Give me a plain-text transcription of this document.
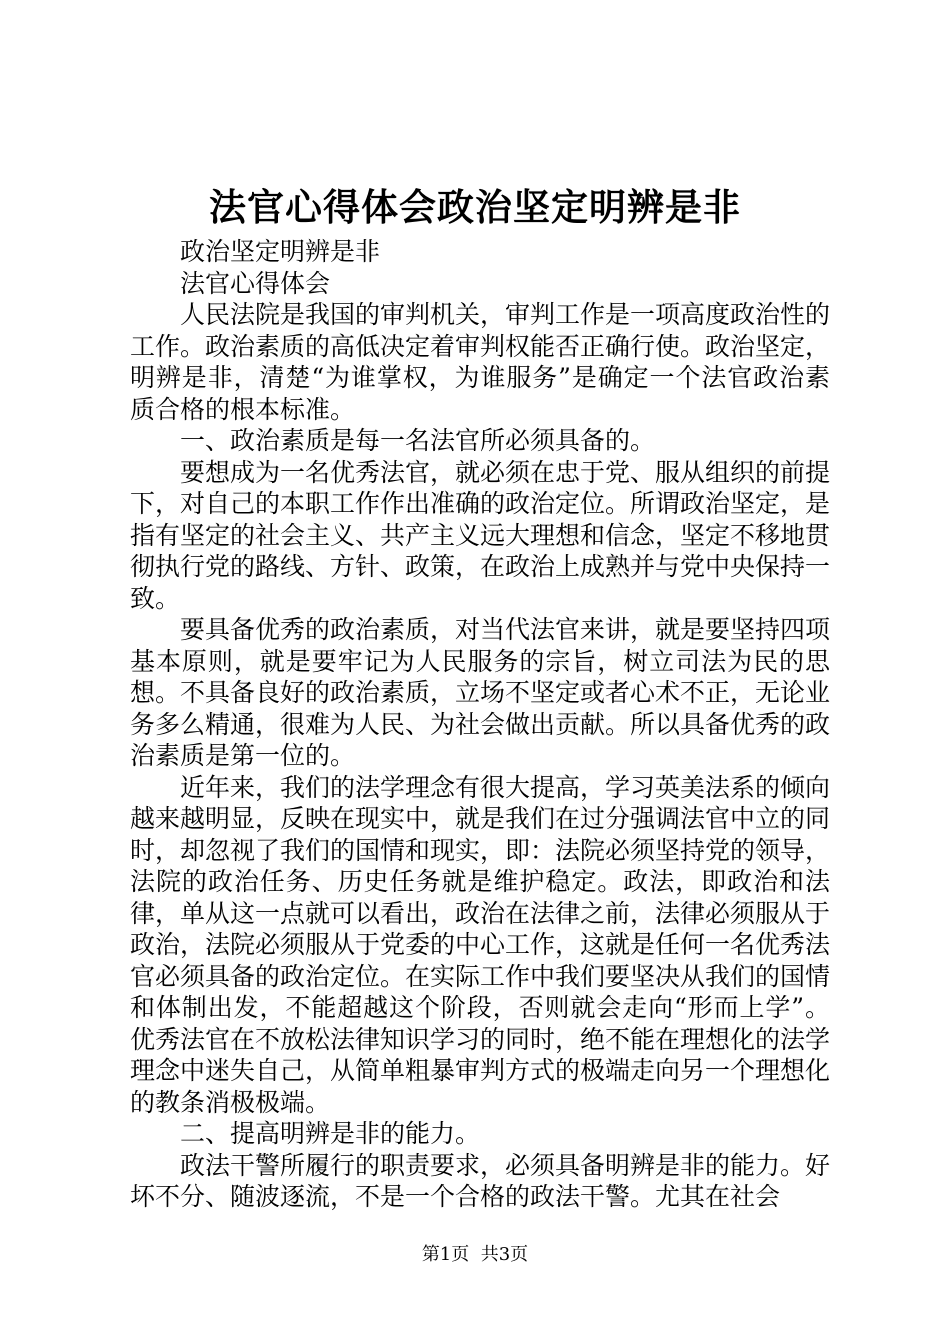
法官心得体会政治坚定明辨是非

政治坚定明辨是非

法官心得体会

人民法院是我国的审判机关，审判工作是一项高度政治性的工作。政治素质的高低决定着审判权能否正确行使。政治坚定，明辨是非，清楚“为谁掌权，为谁服务”是确定一个法官政治素质合格的根本标准。

一、政治素质是每一名法官所必须具备的。

要想成为一名优秀法官，就必须在忠于党、服从组织的前提下，对自己的本职工作作出准确的政治定位。所谓政治坚定，是指有坚定的社会主义、共产主义远大理想和信念，坚定不移地贯彻执行党的路线、方针、政策，在政治上成熟并与党中央保持一致。

要具备优秀的政治素质，对当代法官来讲，就是要坚持四项基本原则，就是要牢记为人民服务的宗旨，树立司法为民的思想。不具备良好的政治素质，立场不坚定或者心术不正，无论业务多么精通，很难为人民、为社会做出贡献。所以具备优秀的政治素质是第一位的。

近年来，我们的法学理念有很大提高，学习英美法系的倾向越来越明显，反映在现实中，就是我们在过分强调法官中立的同时，却忽视了我们的国情和现实，即：法院必须坚持党的领导，法院的政治任务、历史任务就是维护稳定。政法，即政治和法律，单从这一点就可以看出，政治在法律之前，法律必须服从于政治，法院必须服从于党委的中心工作，这就是任何一名优秀法官必须具备的政治定位。在实际工作中我们要坚决从我们的国情和体制出发，不能超越这个阶段，否则就会走向“形而上学”。优秀法官在不放松法律知识学习的同时，绝不能在理想化的法学理念中迷失自己，从简单粗暴审判方式的极端走向另一个理想化的教条消极极端。

二、提高明辨是非的能力。

政法干警所履行的职责要求，必须具备明辨是非的能力。好坏不分、随波逐流，不是一个合格的政法干警。尤其在社会

第1页 共3页
